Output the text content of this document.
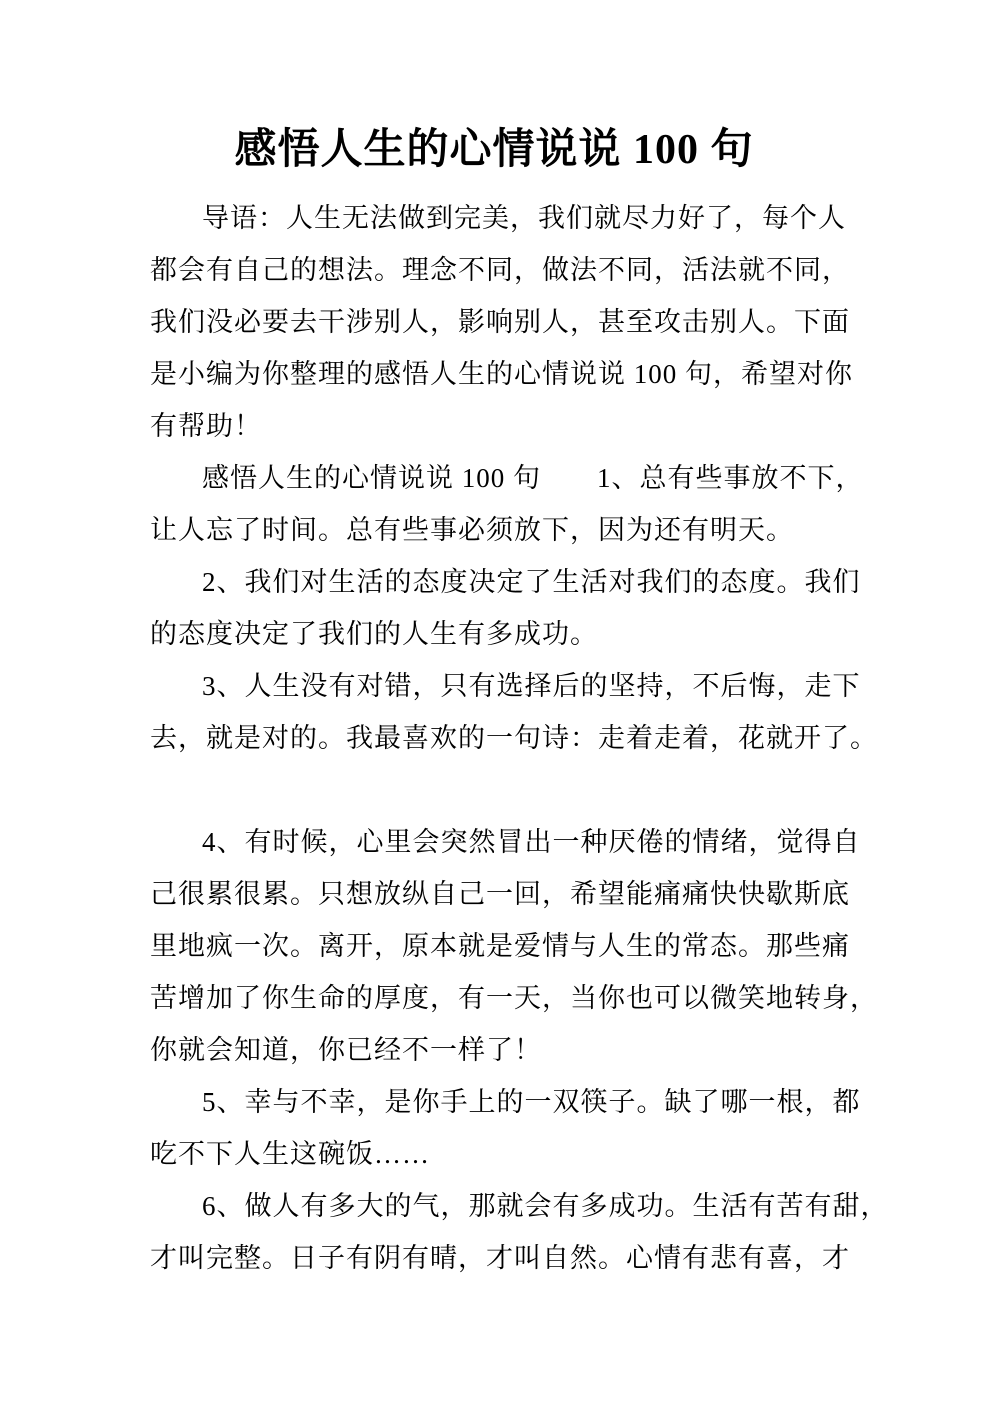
感悟人生的心情说说 100 句
导语：人生无法做到完美，我们就尽力好了，每个人
都会有自己的想法。理念不同，做法不同，活法就不同，
我们没必要去干涉别人，影响别人，甚至攻击别人。下面
是小编为你整理的感悟人生的心情说说 100 句，希望对你
有帮助！
感悟人生的心情说说 100 句　　1、总有些事放不下，
让人忘了时间。总有些事必须放下，因为还有明天。
2、我们对生活的态度决定了生活对我们的态度。我们
的态度决定了我们的人生有多成功。
3、人生没有对错，只有选择后的坚持，不后悔，走下
去，就是对的。我最喜欢的一句诗：走着走着，花就开了。
4、有时候，心里会突然冒出一种厌倦的情绪，觉得自
己很累很累。只想放纵自己一回，希望能痛痛快快歇斯底
里地疯一次。离开，原本就是爱情与人生的常态。那些痛
苦增加了你生命的厚度，有一天，当你也可以微笑地转身，
你就会知道，你已经不一样了！
5、幸与不幸，是你手上的一双筷子。缺了哪一根，都
吃不下人生这碗饭……
6、做人有多大的气，那就会有多成功。生活有苦有甜，
才叫完整。日子有阴有晴，才叫自然。心情有悲有喜，才
